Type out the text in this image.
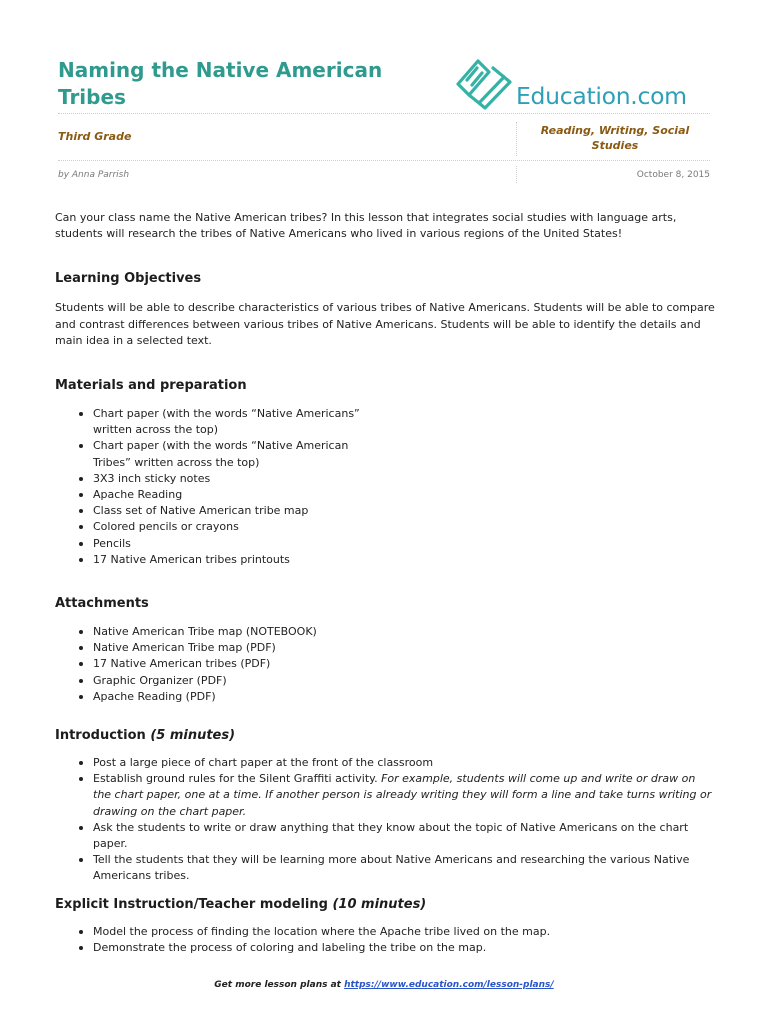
Naming the Native American Tribes	Education.com
Third Grade	Reading, Writing, Social Studies
by Anna Parrish	October 8, 2015

Can your class name the Native American tribes? In this lesson that integrates social studies with language arts, students will research the tribes of Native Americans who lived in various regions of the United States!

Learning Objectives

Students will be able to describe characteristics of various tribes of Native Americans. Students will be able to compare and contrast differences between various tribes of Native Americans. Students will be able to identify the details and main idea in a selected text.

Materials and preparation
Chart paper (with the words “Native Americans” written across the top)
Chart paper (with the words “Native American Tribes” written across the top)
3X3 inch sticky notes
Apache Reading
Class set of Native American tribe map
Colored pencils or crayons
Pencils
17 Native American tribes printouts
Attachments
Native American Tribe map (NOTEBOOK)
Native American Tribe map (PDF)
17 Native American tribes (PDF)
Graphic Organizer (PDF)
Apache Reading (PDF)
Introduction (5 minutes)
Post a large piece of chart paper at the front of the classroom
Establish ground rules for the Silent Graffiti activity. For example, students will come up and write or draw on the chart paper, one at a time. If another person is already writing they will form a line and take turns writing or drawing on the chart paper.
Ask the students to write or draw anything that they know about the topic of Native Americans on the chart paper.
Tell the students that they will be learning more about Native Americans and researching the various Native Americans tribes.
Explicit Instruction/Teacher modeling (10 minutes)
Model the process of finding the location where the Apache tribe lived on the map.
Demonstrate the process of coloring and labeling the tribe on the map.
Get more lesson plans at https://www.education.com/lesson-plans/
